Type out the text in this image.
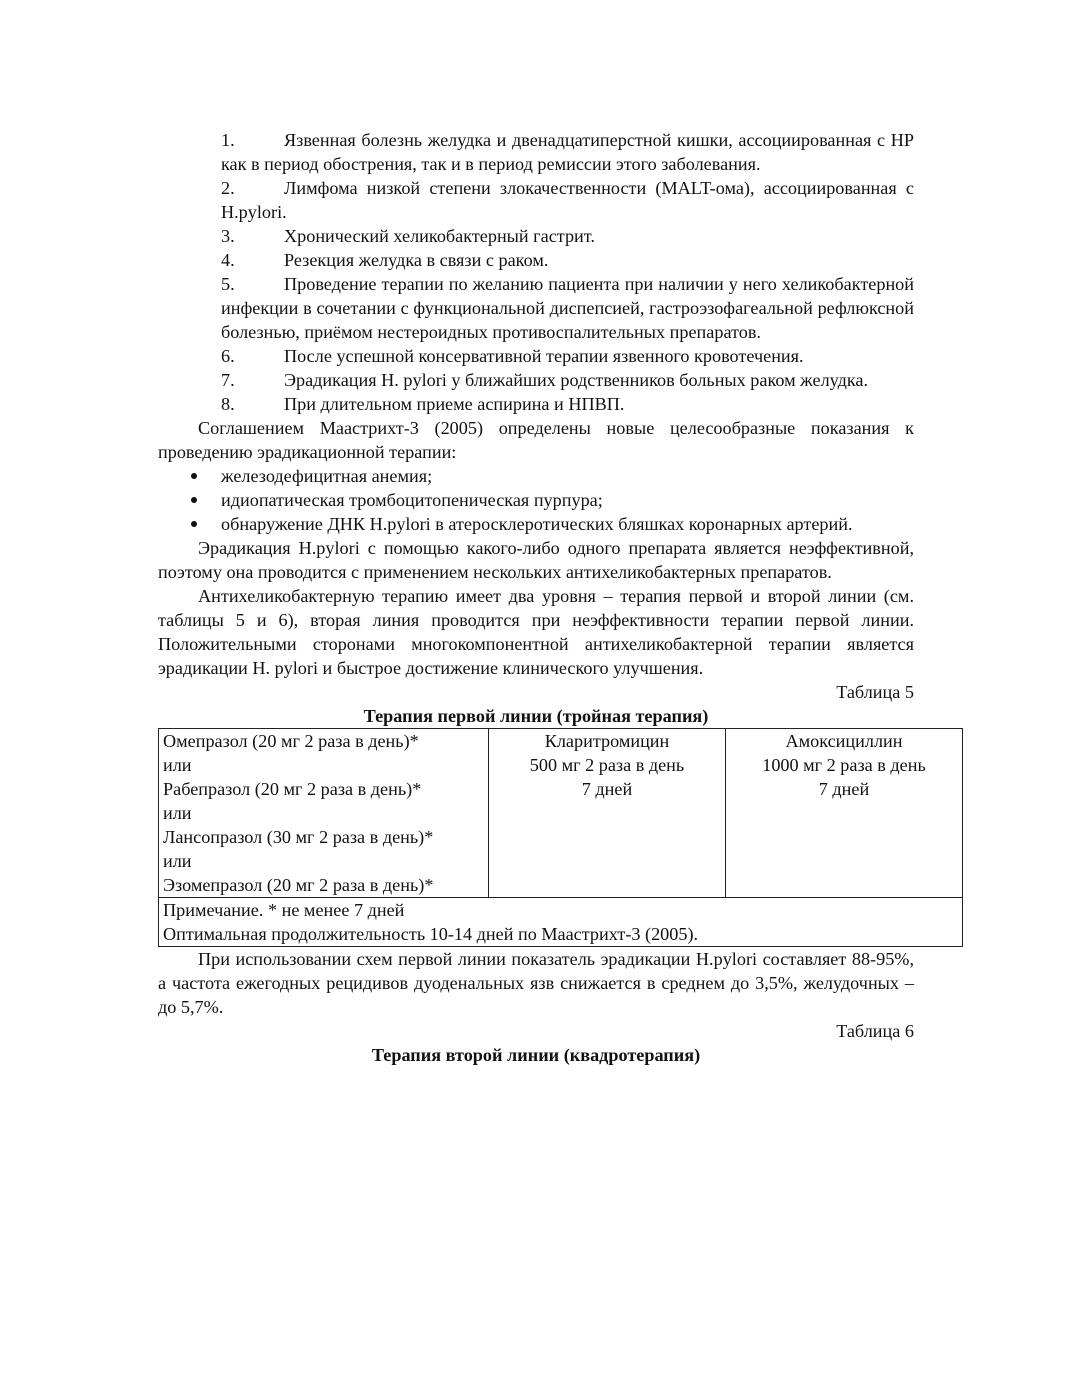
1.	Язвенная болезнь желудка и двенадцатиперстной кишки, ассоциированная с НР как в период обострения, так и в период ремиссии этого заболевания.
2.	Лимфома низкой степени злокачественности (MALT-ома), ассоциированная с H.pylori.
3.	Хронический хеликобактерный гастрит.
4.	Резекция желудка в связи с раком.
5.	Проведение терапии по желанию пациента при наличии у него хеликобактерной инфекции в сочетании с функциональной диспепсией, гастроэзофагеальной рефлюксной болезнью, приёмом нестероидных противоспалительных препаратов.
6.	После успешной консервативной терапии язвенного кровотечения.
7.	Эрадикация H. pylori у ближайших родственников больных раком желудка.
8.	При длительном приеме аспирина и НПВП.

Соглашением Маастрихт-3 (2005) определены новые целесообразные показания к проведению эрадикационной терапии:

железодефицитная анемия;
идиопатическая тромбоцитопеническая пурпура;
обнаружение ДНК H.pylori в атеросклеротических бляшках коронарных артерий.

Эрадикация H.pylori с помощью какого-либо одного препарата является неэффективной, поэтому она проводится с применением нескольких антихеликобактерных препаратов.

Антихеликобактерную терапию имеет два уровня – терапия первой и второй линии (см. таблицы 5 и 6), вторая линия проводится при неэффективности терапии первой линии. Положительными сторонами многокомпонентной антихеликобактерной терапии является эрадикации H. pylori и быстрое достижение клинического улучшения.

Таблица 5

Терапия первой линии (тройная терапия)

Омепразол (20 мг 2 раза в день)*
или
Рабепразол (20 мг 2 раза в день)*
или
Лансопразол (30 мг 2 раза в день)*
или
Эзомепразол (20 мг 2 раза в день)*

Кларитромицин
500 мг 2 раза в день
7 дней

Амоксициллин
1000 мг 2 раза в день
7 дней

Примечание. * не менее 7 дней
Оптимальная продолжительность 10-14 дней по Маастрихт-3 (2005).

При использовании схем первой линии показатель эрадикации H.pylori составляет 88-95%, а частота ежегодных рецидивов дуоденальных язв снижается в среднем до 3,5%, желудочных – до 5,7%.

Таблица 6

Терапия второй линии (квадротерапия)
